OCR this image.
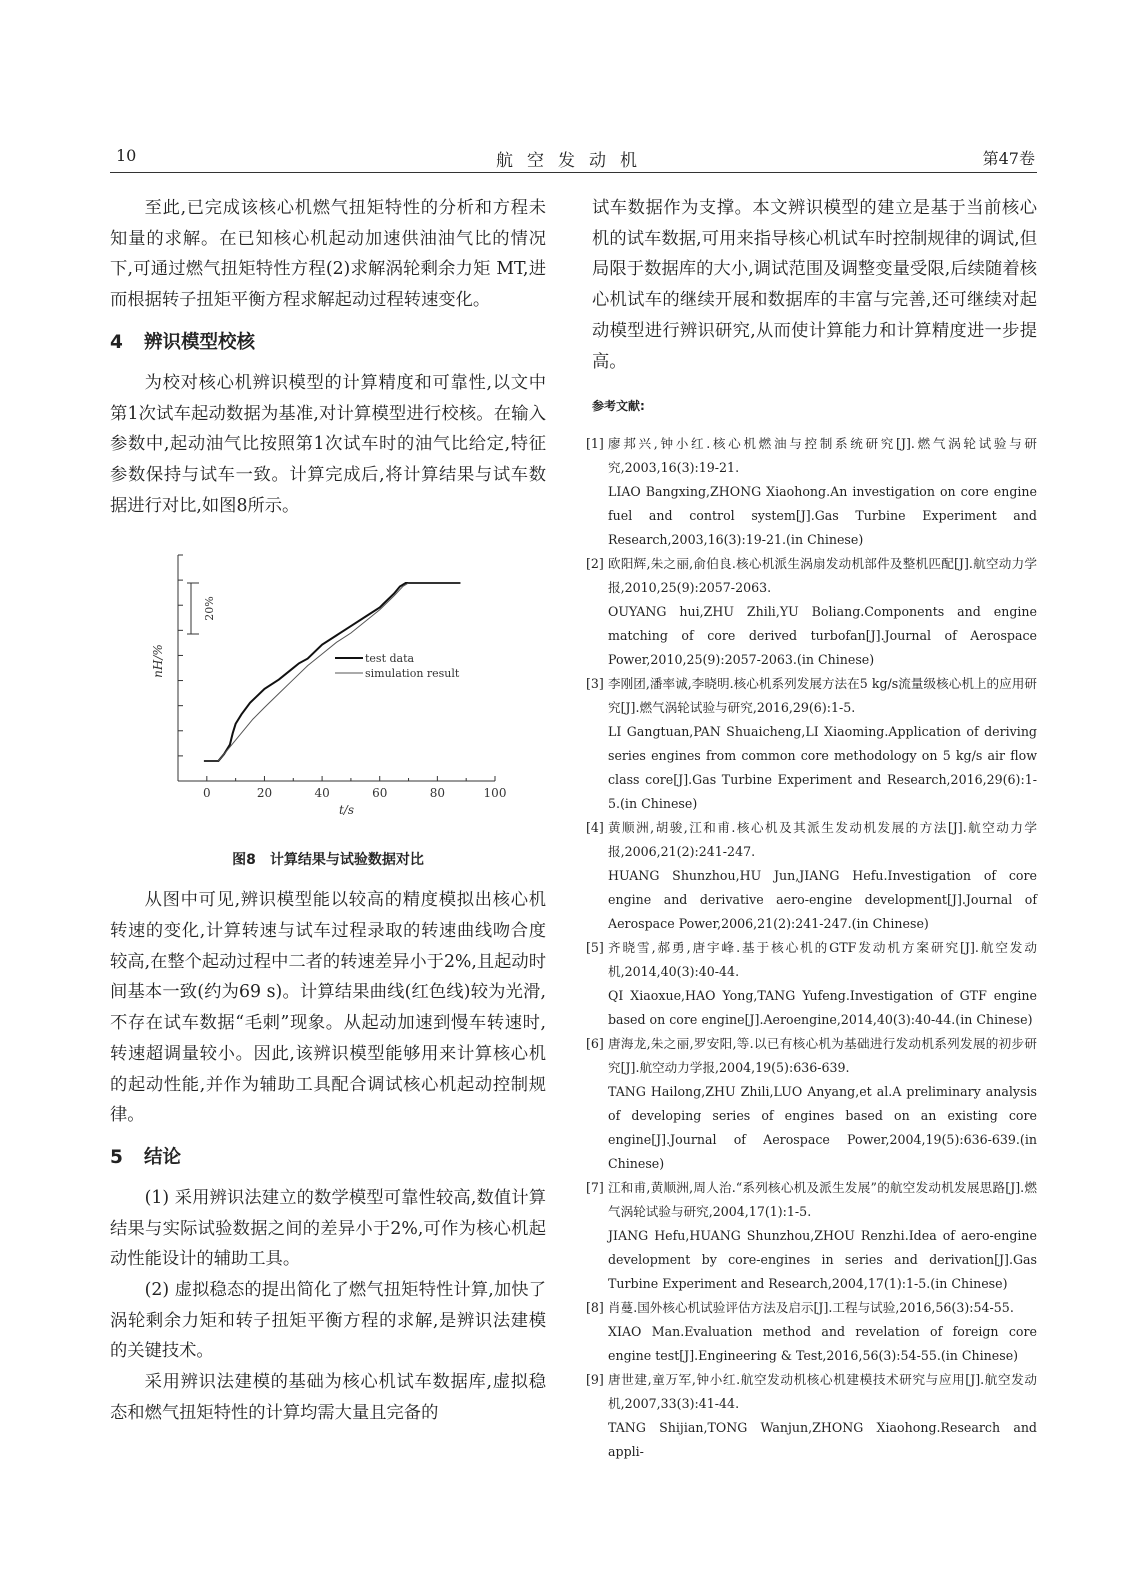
10	航空发动机	第47卷

至此,已完成该核心机燃气扭矩特性的分析和方程未知量的求解。在已知核心机起动加速供油油气比的情况下,可通过燃气扭矩特性方程(2)求解涡轮剩余力矩 MT,进而根据转子扭矩平衡方程求解起动过程转速变化。

4 辨识模型校核

为校对核心机辨识模型的计算精度和可靠性,以文中第1次试车起动数据为基准,对计算模型进行校核。在输入参数中,起动油气比按照第1次试车时的油气比给定,特征参数保持与试车一致。计算完成后,将计算结果与试车数据进行对比,如图8所示。

0	20	40	60	80	100
t/s
nH/%
20%
test data
simulation result
图8　计算结果与试验数据对比

从图中可见,辨识模型能以较高的精度模拟出核心机转速的变化,计算转速与试车过程录取的转速曲线吻合度较高,在整个起动过程中二者的转速差异小于2%,且起动时间基本一致(约为69 s)。计算结果曲线(红色线)较为光滑,不存在试车数据“毛刺”现象。从起动加速到慢车转速时,转速超调量较小。因此,该辨识模型能够用来计算核心机的起动性能,并作为辅助工具配合调试核心机起动控制规律。

5 结论

(1) 采用辨识法建立的数学模型可靠性较高,数值计算结果与实际试验数据之间的差异小于2%,可作为核心机起动性能设计的辅助工具。

(2) 虚拟稳态的提出简化了燃气扭矩特性计算,加快了涡轮剩余力矩和转子扭矩平衡方程的求解,是辨识法建模的关键技术。

采用辨识法建模的基础为核心机试车数据库,虚拟稳态和燃气扭矩特性的计算均需大量且完备的

试车数据作为支撑。本文辨识模型的建立是基于当前核心机的试车数据,可用来指导核心机试车时控制规律的调试,但局限于数据库的大小,调试范围及调整变量受限,后续随着核心机试车的继续开展和数据库的丰富与完善,还可继续对起动模型进行辨识研究,从而使计算能力和计算精度进一步提高。

参考文献:
[1] 廖邦兴,钟小红.核心机燃油与控制系统研究[J].燃气涡轮试验与研究,2003,16(3):19-21.

LIAO Bangxing,ZHONG Xiaohong.An investigation on core engine fuel and control system[J].Gas Turbine Experiment and Research,2003,16(3):19-21.(in Chinese)

[2] 欧阳辉,朱之丽,俞伯良.核心机派生涡扇发动机部件及整机匹配[J].航空动力学报,2010,25(9):2057-2063.

OUYANG hui,ZHU Zhili,YU Boliang.Components and engine matching of core derived turbofan[J].Journal of Aerospace Power,2010,25(9):2057-2063.(in Chinese)

[3] 李刚团,潘率诚,李晓明.核心机系列发展方法在5 kg/s流量级核心机上的应用研究[J].燃气涡轮试验与研究,2016,29(6):1-5.

LI Gangtuan,PAN Shuaicheng,LI Xiaoming.Application of deriving series engines from common core methodology on 5 kg/s air flow class core[J].Gas Turbine Experiment and Research,2016,29(6):1-5.(in Chinese)

[4] 黄顺洲,胡骏,江和甫.核心机及其派生发动机发展的方法[J].航空动力学报,2006,21(2):241-247.

HUANG Shunzhou,HU Jun,JIANG Hefu.Investigation of core engine and derivative aero-engine development[J].Journal of Aerospace Power,2006,21(2):241-247.(in Chinese)

[5] 齐晓雪,郝勇,唐宇峰.基于核心机的GTF发动机方案研究[J].航空发动机,2014,40(3):40-44.

QI Xiaoxue,HAO Yong,TANG Yufeng.Investigation of GTF engine based on core engine[J].Aeroengine,2014,40(3):40-44.(in Chinese)

[6] 唐海龙,朱之丽,罗安阳,等.以已有核心机为基础进行发动机系列发展的初步研究[J].航空动力学报,2004,19(5):636-639.

TANG Hailong,ZHU Zhili,LUO Anyang,et al.A preliminary analysis of developing series of engines based on an existing core engine[J].Journal of Aerospace Power,2004,19(5):636-639.(in Chinese)

[7] 江和甫,黄顺洲,周人治.“系列核心机及派生发展”的航空发动机发展思路[J].燃气涡轮试验与研究,2004,17(1):1-5.

JIANG Hefu,HUANG Shunzhou,ZHOU Renzhi.Idea of aero-engine development by core-engines in series and derivation[J].Gas Turbine Experiment and Research,2004,17(1):1-5.(in Chinese)

[8] 肖蔓.国外核心机试验评估方法及启示[J].工程与试验,2016,56(3):54-55.

XIAO Man.Evaluation method and revelation of foreign core engine test[J].Engineering & Test,2016,56(3):54-55.(in Chinese)

[9] 唐世建,童万军,钟小红.航空发动机核心机建模技术研究与应用[J].航空发动机,2007,33(3):41-44.

TANG Shijian,TONG Wanjun,ZHONG Xiaohong.Research and appli-
